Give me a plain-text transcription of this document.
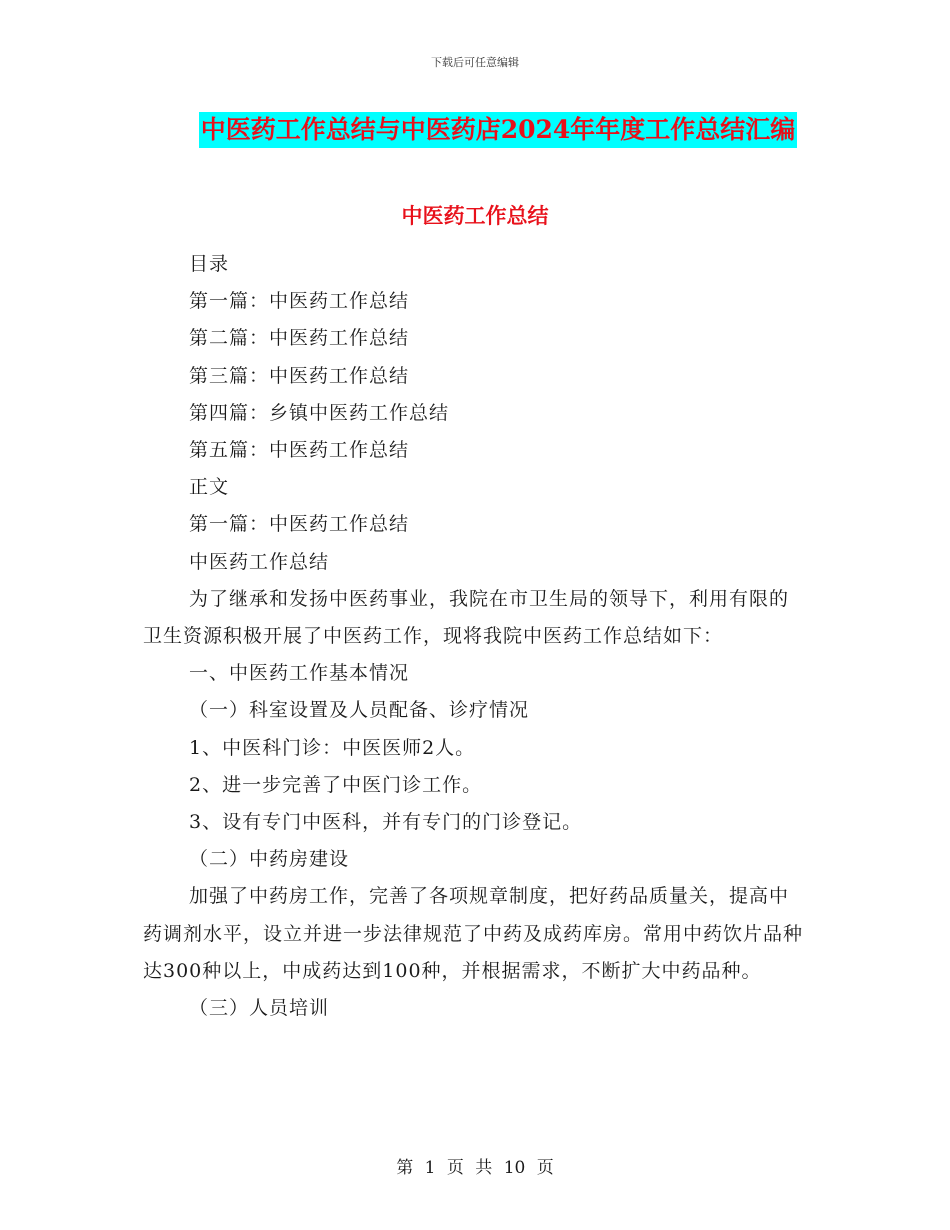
下载后可任意编辑
中医药工作总结与中医药店2024年年度工作总结汇编
中医药工作总结

目录

第一篇：中医药工作总结

第二篇：中医药工作总结

第三篇：中医药工作总结

第四篇：乡镇中医药工作总结

第五篇：中医药工作总结

正文

第一篇：中医药工作总结

中医药工作总结

为了继承和发扬中医药事业，我院在市卫生局的领导下，利用有限的卫生资源积极开展了中医药工作，现将我院中医药工作总结如下：

一、中医药工作基本情况

（一）科室设置及人员配备、诊疗情况

1、中医科门诊：中医医师2人。

2、进一步完善了中医门诊工作。

3、设有专门中医科，并有专门的门诊登记。

（二）中药房建设

加强了中药房工作，完善了各项规章制度，把好药品质量关，提高中药调剂水平，设立并进一步法律规范了中药及成药库房。常用中药饮片品种达300种以上，中成药达到100种，并根据需求，不断扩大中药品种。

（三）人员培训

第 1 页 共 10 页
